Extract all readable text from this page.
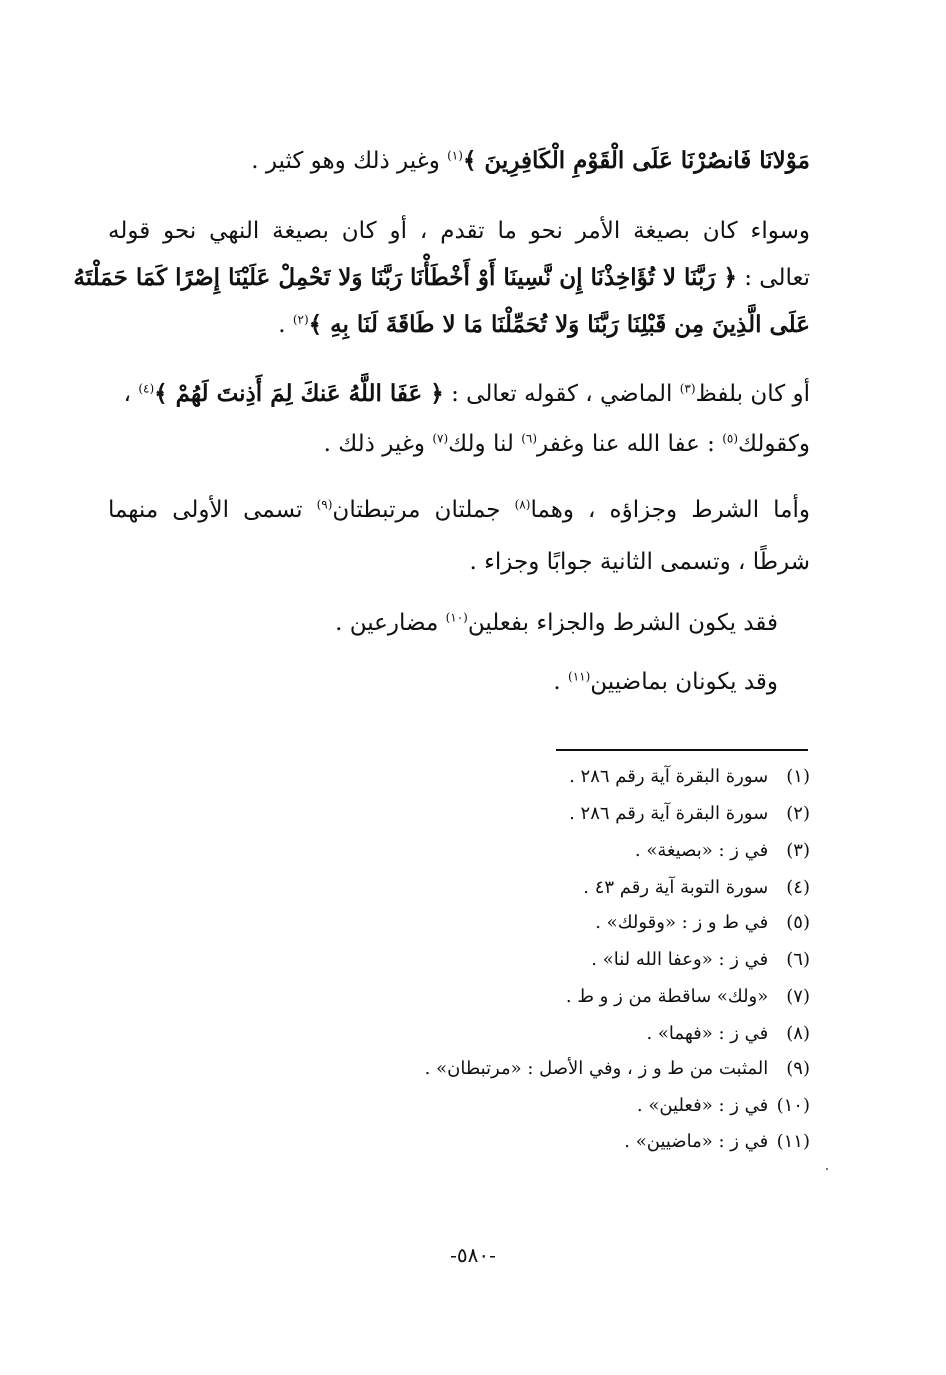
مَوْلانَا فَانصُرْنَا عَلَى الْقَوْمِ الْكَافِرِينَ ﴾$^{(١)}$ وغير ذلك وهو كثير .
وسواء كان بصيغة الأمر نحو ما تقدم ، أو كان بصيغة النهي نحو قوله
تعالى : ﴿ رَبَّنَا لا تُؤَاخِذْنَا إِن نَّسِينَا أَوْ أَخْطَأْنَا رَبَّنَا وَلا تَحْمِلْ عَلَيْنَا إِصْرًا كَمَا حَمَلْتَهُ
عَلَى الَّذِينَ مِن قَبْلِنَا رَبَّنَا وَلا تُحَمِّلْنَا مَا لا طَاقَةَ لَنَا بِهِ ﴾$^{(٢)}$ .
أو كان بلفظ$^{(٣)}$ الماضي ، كقوله تعالى : ﴿ عَفَا اللَّهُ عَنكَ لِمَ أَذِنتَ لَهُمْ ﴾$^{(٤)}$ ،
وكقولك$^{(٥)}$ : عفا الله عنا وغفر$^{(٦)}$ لنا ولك$^{(٧)}$ وغير ذلك .
وأما الشرط وجزاؤه ، وهما$^{(٨)}$ جملتان مرتبطتان$^{(٩)}$ تسمى الأولى منهما
شرطًا ، وتسمى الثانية جوابًا وجزاء .
فقد يكون الشرط والجزاء بفعلين$^{(١٠)}$ مضارعين .
وقد يكونان بماضيين$^{(١١)}$ .
(١) سورة البقرة آية رقم ٢٨٦ .
(٢) سورة البقرة آية رقم ٢٨٦ .
(٣) في ز : «بصيغة» .
(٤) سورة التوبة آية رقم ٤٣ .
(٥) في ط و ز : «وقولك» .
(٦) في ز : «وعفا الله لنا» .
(٧) «ولك» ساقطة من ز و ط .
(٨) في ز : «فهما» .
(٩) المثبت من ط و ز ، وفي الأصل : «مرتبطان» .
(١٠) في ز : «فعلين» .
(١١) في ز : «ماضيين» .
-٥٨٠-
